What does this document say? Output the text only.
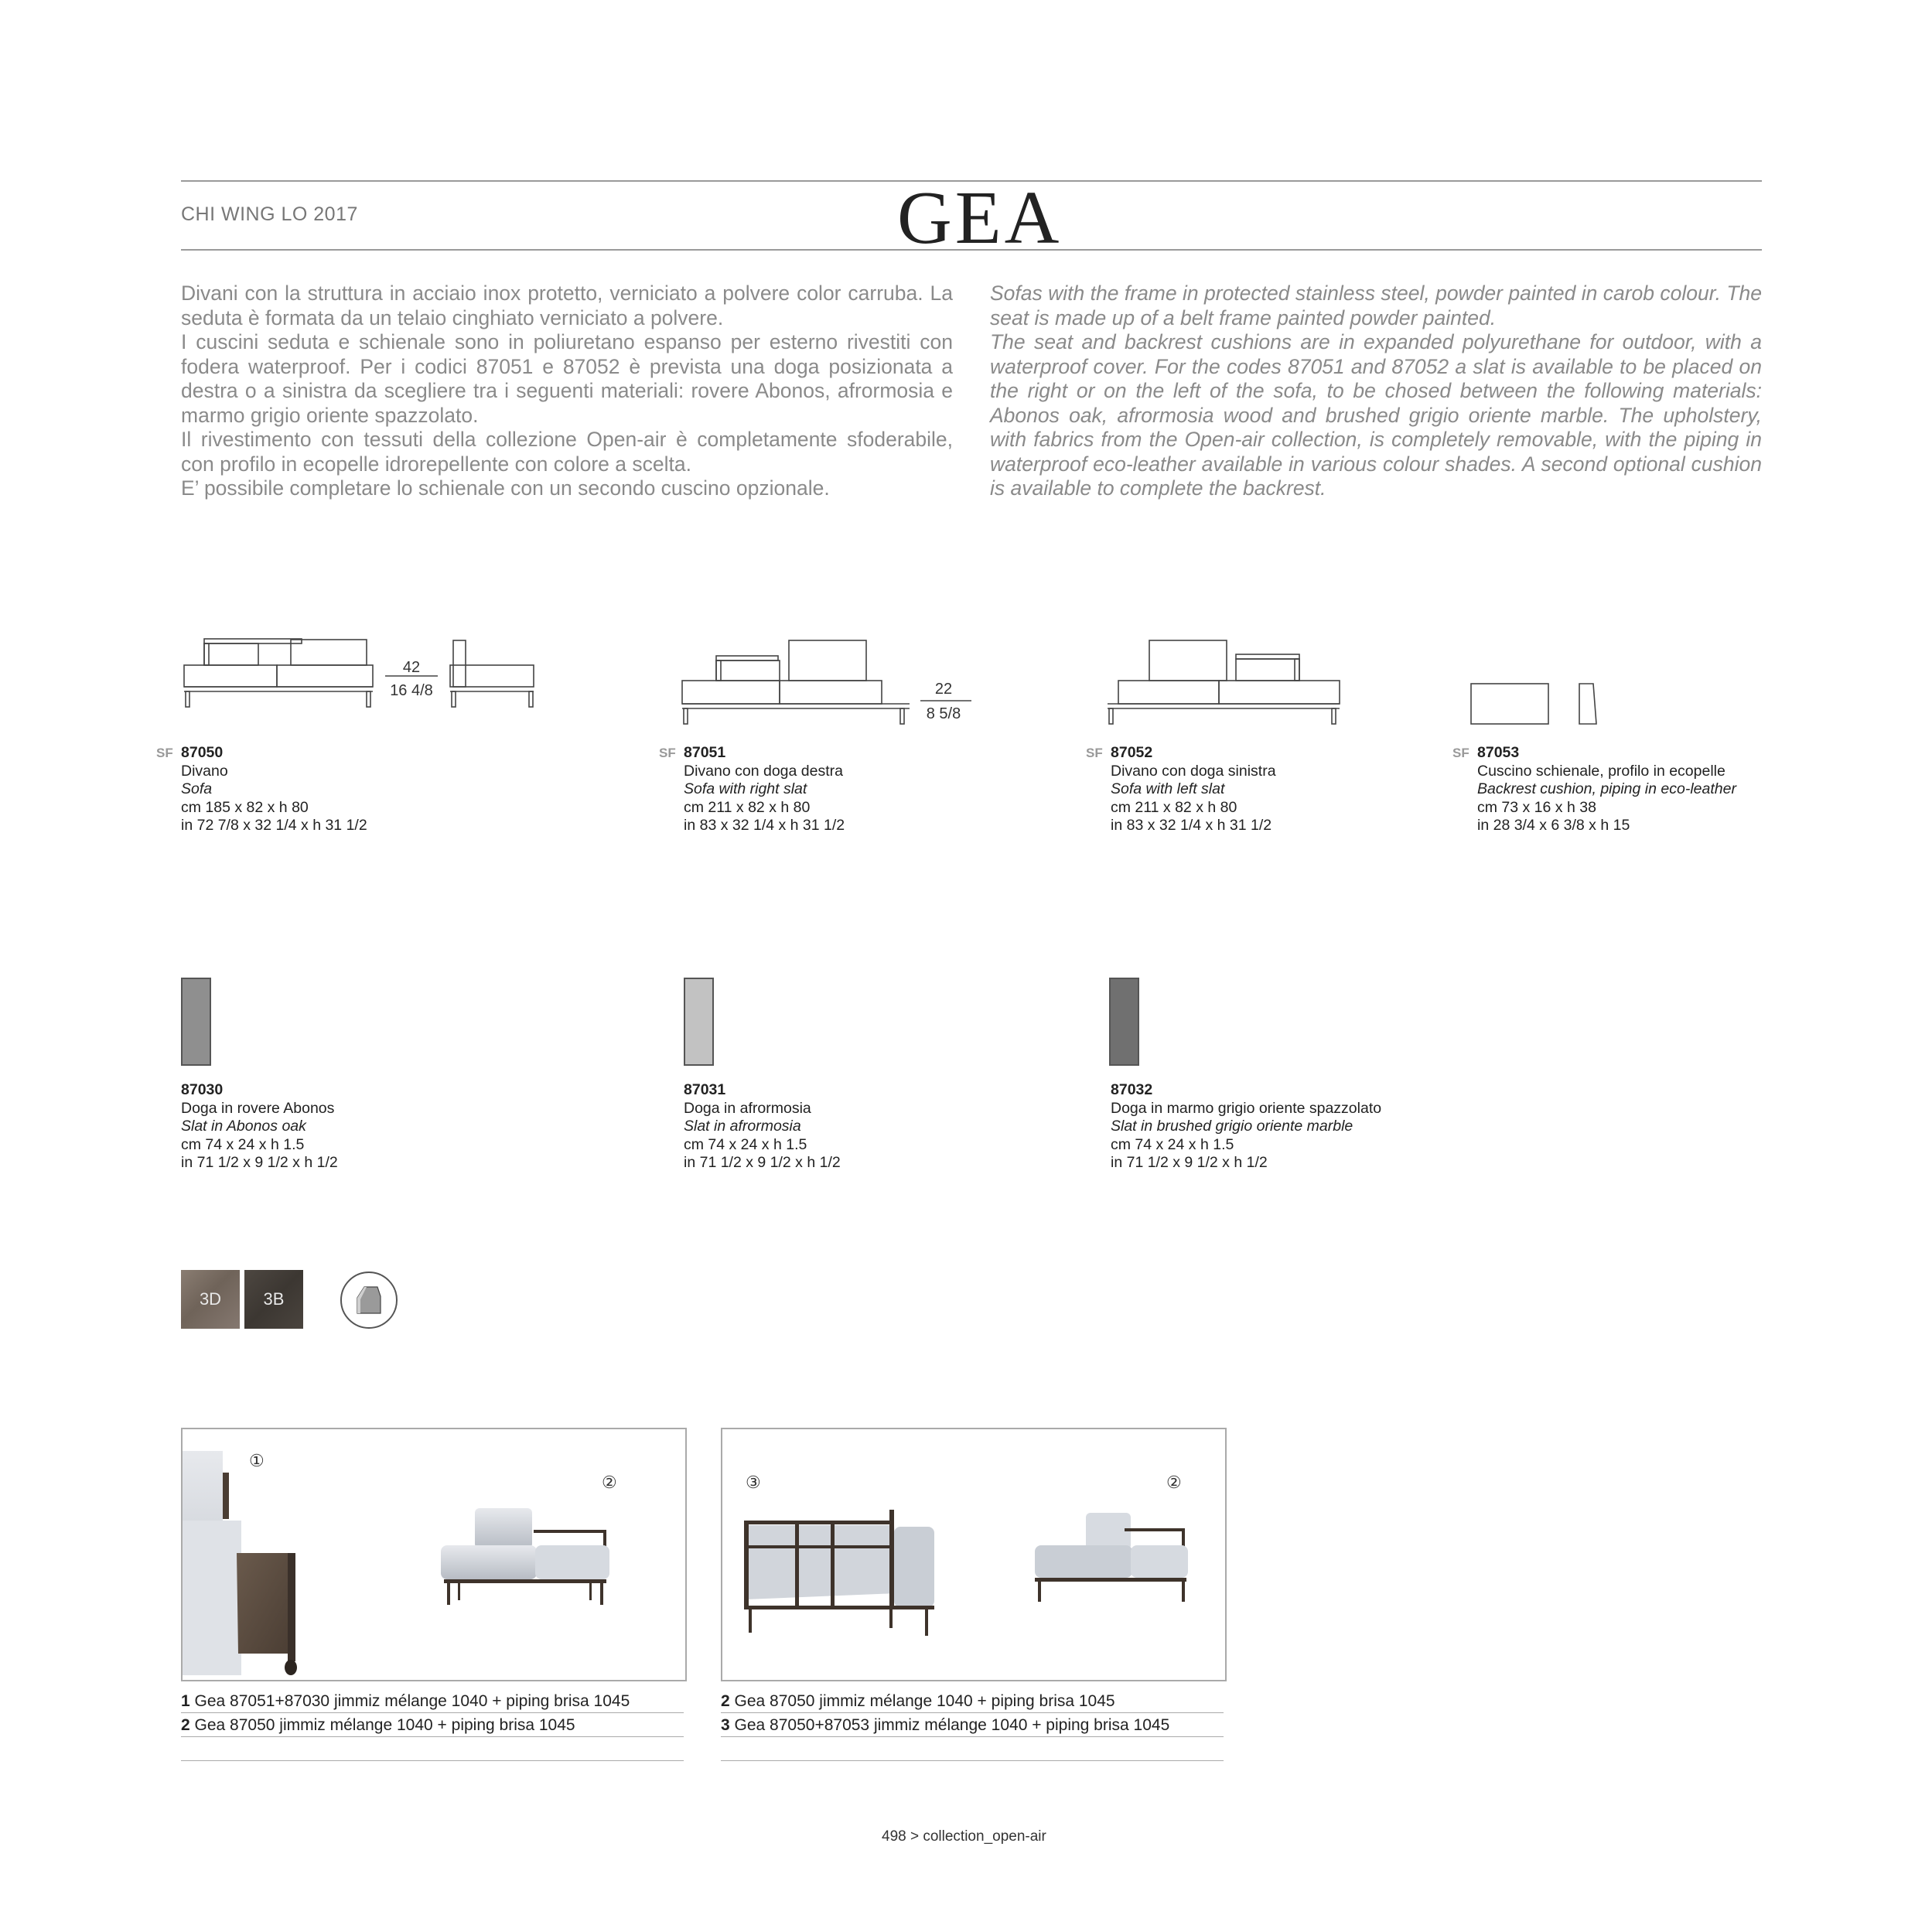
CHI WING LO 2017	GEA

Divani con la struttura in acciaio inox protetto, verniciato a polvere color carruba. La seduta è formata da un telaio cinghiato verniciato a polvere.

I cuscini seduta e schienale sono in poliuretano espanso per esterno rivestiti con fodera waterproof. Per i codici 87051 e 87052 è prevista una doga posizionata a destra o a sinistra da scegliere tra i seguenti materiali: rovere Abonos, afrormosia e marmo grigio oriente spazzolato.

Il rivestimento con tessuti della collezione Open-air è completamente sfoderabile, con profilo in ecopelle idrorepellente con colore a scelta.

E’ possibile completare lo schienale con un secondo cuscino opzionale.

Sofas with the frame in protected stainless steel, powder painted in carob colour. The seat is made up of a belt frame painted powder painted.

The seat and backrest cushions are in expanded polyurethane for outdoor, with a waterproof cover. For the codes 87051 and 87052 a slat is available to be placed on the right or on the left of the sofa, to be chosed between the following materials: Abonos oak, afrormosia wood and brushed grigio oriente marble. The upholstery, with fabrics from the Open-air collection, is completely removable, with the piping in waterproof eco-leather available in various colour shades. A second optional cushion is available to complete the backrest.

42
16 4/8	22
8 5/8
SF 87050
Divano
Sofa
cm 185 x 82 x h 80
in 72 7/8 x 32 1/4 x h 31 1/2
SF 87051
Divano con doga destra
Sofa with right slat
cm 211 x 82 x h 80
in 83 x 32 1/4 x h 31 1/2
SF 87052
Divano con doga sinistra
Sofa with left slat
cm 211 x 82 x h 80
in 83 x 32 1/4 x h 31 1/2
SF 87053
Cuscino schienale, profilo in ecopelle
Backrest cushion, piping in eco-leather
cm 73 x 16 x h 38
in 28 3/4 x 6 3/8 x h 15
87030
Doga in rovere Abonos
Slat in Abonos oak
cm 74 x 24 x h 1.5
in 71 1/2 x 9 1/2 x h 1/2
87031
Doga in afrormosia
Slat in afrormosia
cm 74 x 24 x h 1.5
in 71 1/2 x 9 1/2 x h 1/2
87032
Doga in marmo grigio oriente spazzolato
Slat in brushed grigio oriente marble
cm 74 x 24 x h 1.5
in 71 1/2 x 9 1/2 x h 1/2
3D	3B
①
②	③	②
1 Gea 87051+87030 jimmiz mélange 1040 + piping brisa 1045
2 Gea 87050 jimmiz mélange 1040 + piping brisa 1045
2 Gea 87050 jimmiz mélange 1040 + piping brisa 1045
3 Gea 87050+87053 jimmiz mélange 1040 + piping brisa 1045
498 > collection_open-air
